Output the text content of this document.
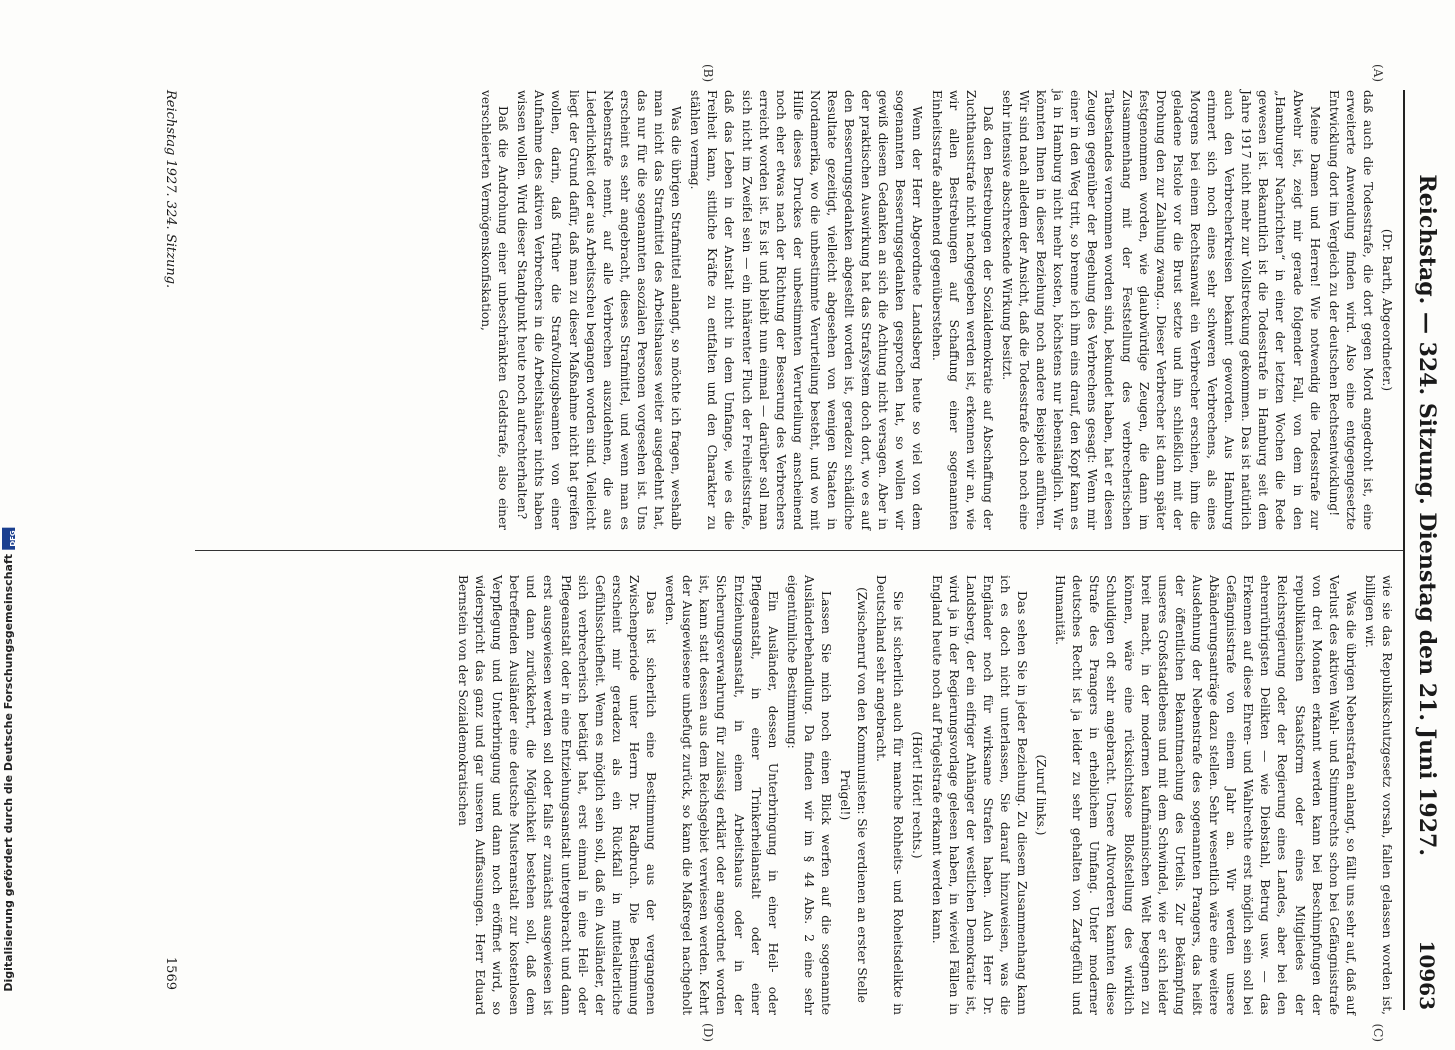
Digitalisierung gefördert durch die Deutsche Forschungsgemeinschaft
DFG	Reichstag. — 324. Sitzung. Dienstag den 21. Juni 1927.
10963
(A)
(B)
(C)
(D)

(Dr. Barth, Abgeordneter.)

daß auch die Todesstrafe, die dort gegen Mord angedroht ist, eine erweiterte Anwendung finden wird. Also eine entgegengesetzte Entwicklung dort im Vergleich zu der deutschen Rechtsentwicklung!

Meine Damen und Herren! Wie notwendig die Todesstrafe zur Abwehr ist, zeigt mir gerade folgender Fall, von dem in den „Hamburger Nachrichten“ in einer der letzten Wochen die Rede gewesen ist. Bekanntlich ist die Todesstrafe in Hamburg seit dem Jahre 1917 nicht mehr zur Vollstreckung gekommen. Das ist natürlich auch den Verbrecherkreisen bekannt geworden. Aus Hamburg erinnert sich noch eines sehr schweren Verbrechens, als eines Morgens bei einem Rechtsanwalt ein Verbrecher erschien, ihm die geladene Pistole vor die Brust setzte und ihn schließlich mit der Drohung den zur Zahlung zwang... Dieser Verbrecher ist dann später festgenommen worden, wie glaubwürdige Zeugen, die dann im Zusammenhang mit der Feststellung des verbrecherischen Tatbestandes vernommen worden sind, bekundet haben, hat er diesen Zeugen gegenüber der Begehung des Verbrechens gesagt: Wenn mir einer in den Weg tritt, so brenne ich ihm eins drauf, den Kopf kann es ja in Hamburg nicht mehr kosten, höchstens nur lebenslänglich. Wir könnten Ihnen in dieser Beziehung noch andere Beispiele anführen. Wir sind nach alledem der Ansicht, daß die Todesstrafe doch noch eine sehr intensive abschreckende Wirkung besitzt.

Daß den Bestrebungen der Sozialdemokratie auf Abschaffung der Zuchthausstrafe nicht nachgegeben werden ist, erkennen wir an, wie wir allen Bestrebungen auf Schaffung einer sogenannten Einheitsstrafe ablehnend gegenüberstehen.

Wenn der Herr Abgeordnete Landsberg heute so viel von dem sogenannten Besserungsgedanken gesprochen hat, so wollen wir gewiß diesem Gedanken an sich die Achtung nicht versagen. Aber in der praktischen Auswirkung hat das Strafsystem doch dort, wo es auf den Besserungsgedanken abgestellt worden ist, geradezu schädliche Resultate gezeitigt, vielleicht abgesehen von wenigen Staaten in Nordamerika, wo die unbestimmte Verurteilung besteht, und wo mit Hilfe dieses Druckes der unbestimmten Verurteilung anscheinend noch eher etwas nach der Richtung der Besserung des Verbrechers erreicht worden ist. Es ist und bleibt nun einmal — darüber soll man sich nicht im Zweifel sein — ein inhärenter Fluch der Freiheitsstrafe, daß das Leben in der Anstalt nicht in dem Umfange, wie es die Freiheit kann, sittliche Kräfte zu entfalten und den Charakter zu stählen vermag.

Was die übrigen Strafmittel anlangt, so möchte ich fragen, weshalb man nicht das Strafmittel des Arbeitshauses weiter ausgedehnt hat, das nur für die sogenannten asozialen Personen vorgesehen ist. Uns erscheint es sehr angebracht, dieses Strafmittel, und wenn man es Nebenstrafe nennt, auf alle Verbrechen auszudehnen, die aus Liederlichkeit oder aus Arbeitsscheu begangen worden sind. Vielleicht liegt der Grund dafür, daß man zu dieser Maßnahme nicht hat greifen wollen, darin, daß früher die Strafvollzugsbeamten von einer Aufnahme des aktiven Verbrechers in die Arbeitshäuser nichts haben wissen wollen. Wird dieser Standpunkt heute noch aufrechterhalten?

Daß die Androhung einer unbeschränkten Geldstrafe, also einer verschleierten Vermögenskonfiskation,

wie sie das Republikschutzgesetz vorsah, fallen gelassen worden ist, billigen wir.

Was die übrigen Nebenstrafen anlangt, so fällt uns sehr auf, daß auf Verlust des aktiven Wahl- und Stimmrechts schon bei Gefängnisstrafe von drei Monaten erkannt werden kann bei Beschimpfungen der republikanischen Staatsform oder eines Mitgliedes der Reichsregierung oder der Regierung eines Landes, aber bei den ehrenrührigsten Delikten — wie Diebstahl, Betrug usw. — das Erkennen auf diese Ehren- und Wahlrechte erst möglich sein soll bei Gefängnisstrafe von einem Jahr an. Wir werden unsere Abänderungsanträge dazu stellen. Sehr wesentlich wäre eine weitere Ausdehnung der Nebenstrafe des sogenannten Prangers, das heißt der öffentlichen Bekanntmachung des Urteils. Zur Bekämpfung unseres Großstadtlebens und mit dem Schwindel, wie er sich leider breit macht, in der modernen kaufmännischen Welt begegnen zu können, wäre eine rücksichtslose Bloßstellung des wirklich Schuldigen oft sehr angebracht. Unsere Altvorderen kannten diese Strafe des Prangers in erheblichem Umfang. Unter moderner deutsches Recht ist ja leider zu sehr gehalten von Zartgefühl und Humanität.

(Zuruf links.)

Das sehen Sie in jeder Beziehung. Zu diesem Zusammenhang kann ich es doch nicht unterlassen, Sie darauf hinzuweisen, was die Engländer noch für wirksame Strafen haben. Auch Herr Dr. Landsberg, der ein eifriger Anhänger der westlichen Demokratie ist, wird ja in der Regierungsvorlage gelesen haben, in wieviel Fällen in England heute noch auf Prügelstrafe erkannt werden kann.

(Hört! Hört! rechts.)

Sie ist sicherlich auch für manche Rohheits- und Roheitsdelikte in Deutschland sehr angebracht.

(Zwischenruf von den Kommunisten: Sie verdienen an erster Stelle Prügel!)

Lassen Sie mich noch einen Blick werfen auf die sogenannte Ausländerbehandlung. Da finden wir im § 44 Abs. 2 eine sehr eigentümliche Bestimmung:

Ein Ausländer, dessen Unterbringung in einer Heil- oder Pflegeanstalt, in einer Trinkerheilanstalt oder einer Entziehungsanstalt, in einem Arbeitshaus oder in der Sicherungsverwahrung für zulässig erklärt oder angeordnet worden ist, kann statt dessen aus dem Reichsgebiet verwiesen werden. Kehrt der Ausgewiesene unbefugt zurück, so kann die Maßregel nachgeholt werden.

Das ist sicherlich eine Bestimmung aus der vergangenen Zwischenperiode unter Herrn Dr. Radbruch. Die Bestimmung erscheint mir geradezu als ein Rückfall in mittelalterliche Gefühlsschiefheit. Wenn es möglich sein soll, daß ein Ausländer, der sich verbrecherisch betätigt hat, erst einmal in eine Heil- oder Pflegeanstalt oder in eine Entziehungsanstalt untergebracht und dann erst ausgewiesen werden soll oder falls er zunächst ausgewiesen ist und dann zurückkehrt, die Möglichkeit bestehen soll, daß dem betreffenden Ausländer eine deutsche Musteranstalt zur kostenlosen Verpflegung und Unterbringung und dann noch eröffnet wird, so widerspricht das ganz und gar unseren Auffassungen. Herr Eduard Bernstein von der Sozialdemokratischen

Reichstag 1927. 324. Sitzung.
1569
